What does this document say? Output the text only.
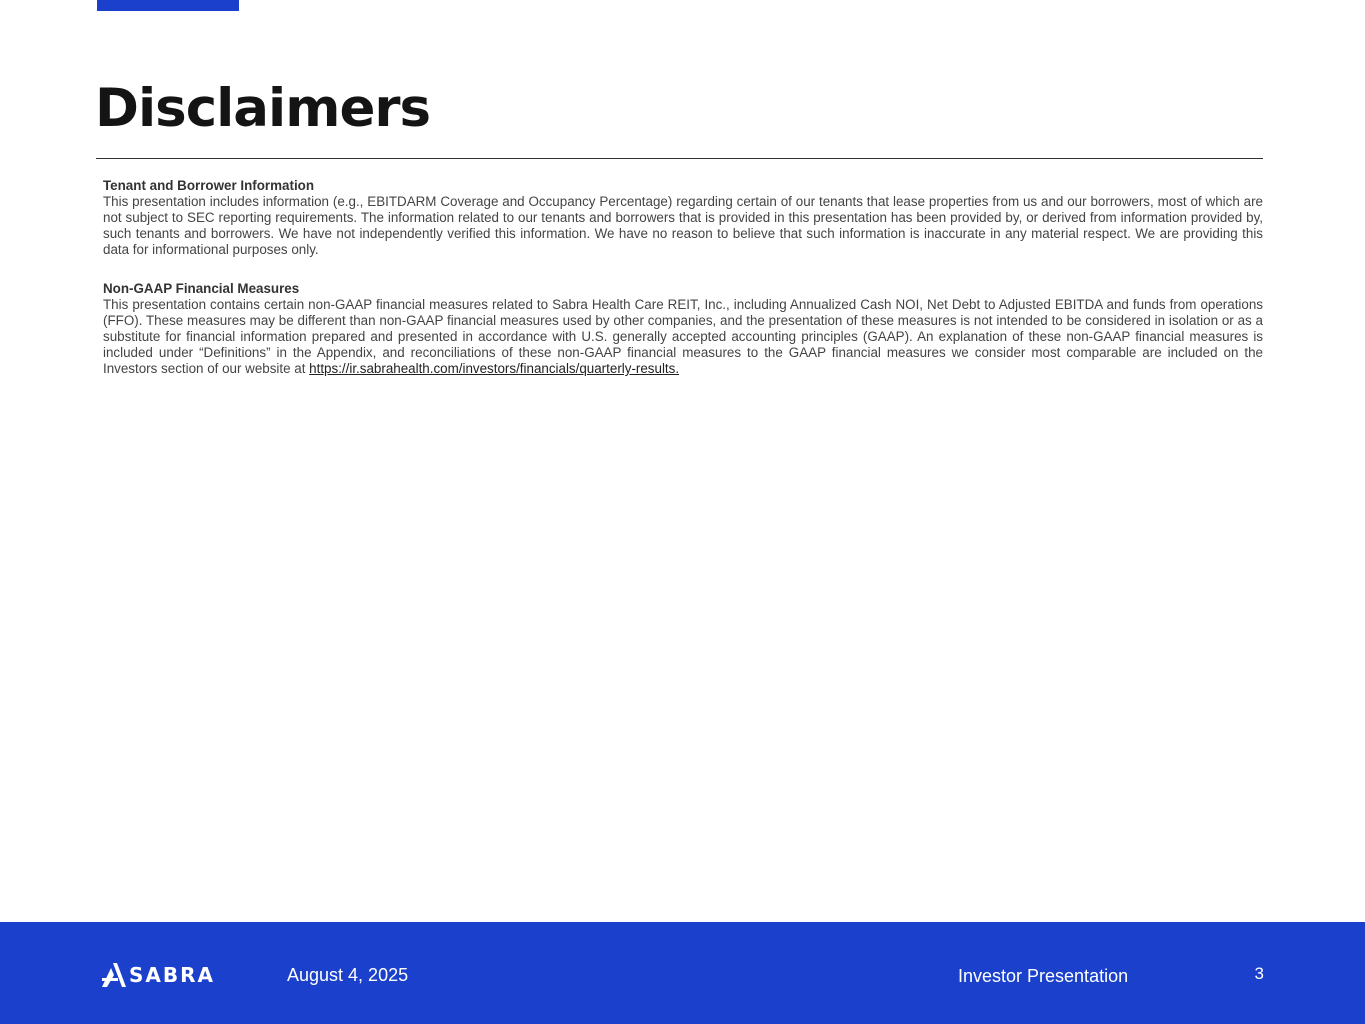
Disclaimers
Tenant and Borrower Information
This presentation includes information (e.g., EBITDARM Coverage and Occupancy Percentage) regarding certain of our tenants that lease properties from us and our borrowers, most of which are not subject to SEC reporting requirements. The information related to our tenants and borrowers that is provided in this presentation has been provided by, or derived from information provided by, such tenants and borrowers. We have not independently verified this information. We have no reason to believe that such information is inaccurate in any material respect. We are providing this data for informational purposes only.
Non-GAAP Financial Measures
This presentation contains certain non-GAAP financial measures related to Sabra Health Care REIT, Inc., including Annualized Cash NOI, Net Debt to Adjusted EBITDA and funds from operations (FFO). These measures may be different than non-GAAP financial measures used by other companies, and the presentation of these measures is not intended to be considered in isolation or as a substitute for financial information prepared and presented in accordance with U.S. generally accepted accounting principles (GAAP). An explanation of these non-GAAP financial measures is included under “Definitions” in the Appendix, and reconciliations of these non-GAAP financial measures to the GAAP financial measures we consider most comparable are included on the Investors section of our website at https://ir.sabrahealth.com/investors/financials/quarterly-results.
SABRA	August 4, 2025	Investor Presentation	3
